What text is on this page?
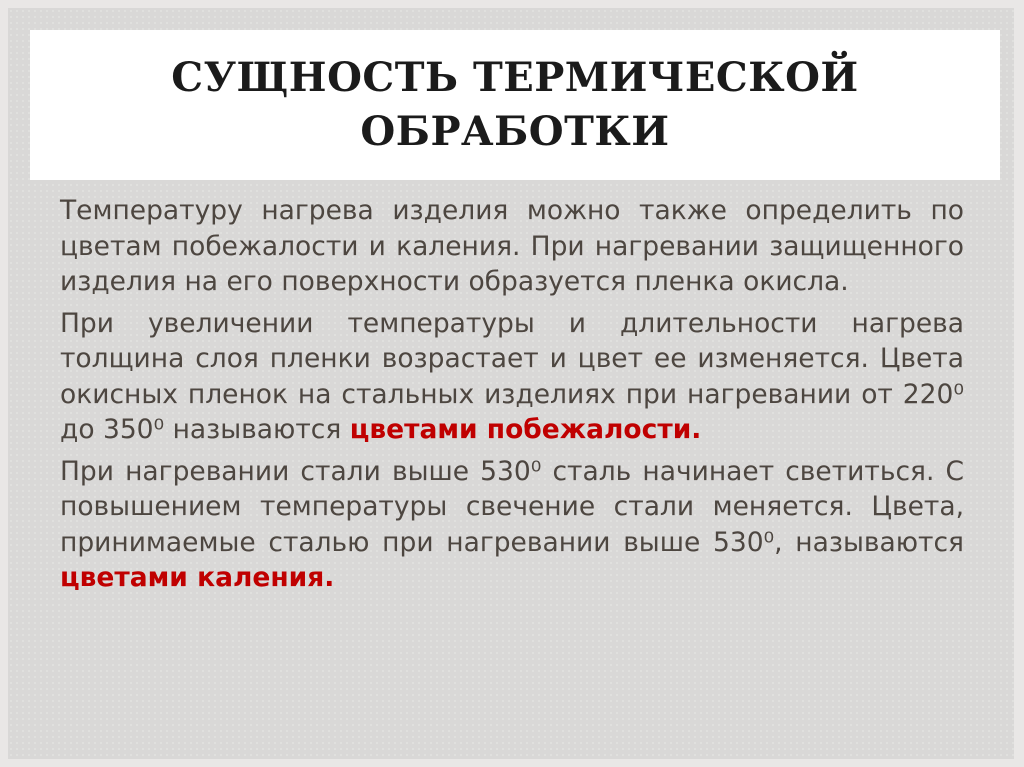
СУЩНОСТЬ ТЕРМИЧЕСКОЙ
ОБРАБОТКИ

Температуру нагрева изделия можно также определить по цветам побежалости и каления. При нагревании защищенного изделия на его поверхности образуется пленка окисла.

При увеличении температуры и длительности нагрева толщина слоя пленки возрастает и цвет ее изменяется. Цвета окисных пленок на стальных изделиях при нагревании от 220⁰ до 350⁰ называются цветами побежалости.

При нагревании стали выше 530⁰ сталь начинает светиться. С повышением температуры свечение стали меняется. Цвета, принимаемые сталью при нагревании выше 530⁰, называются цветами каления.
